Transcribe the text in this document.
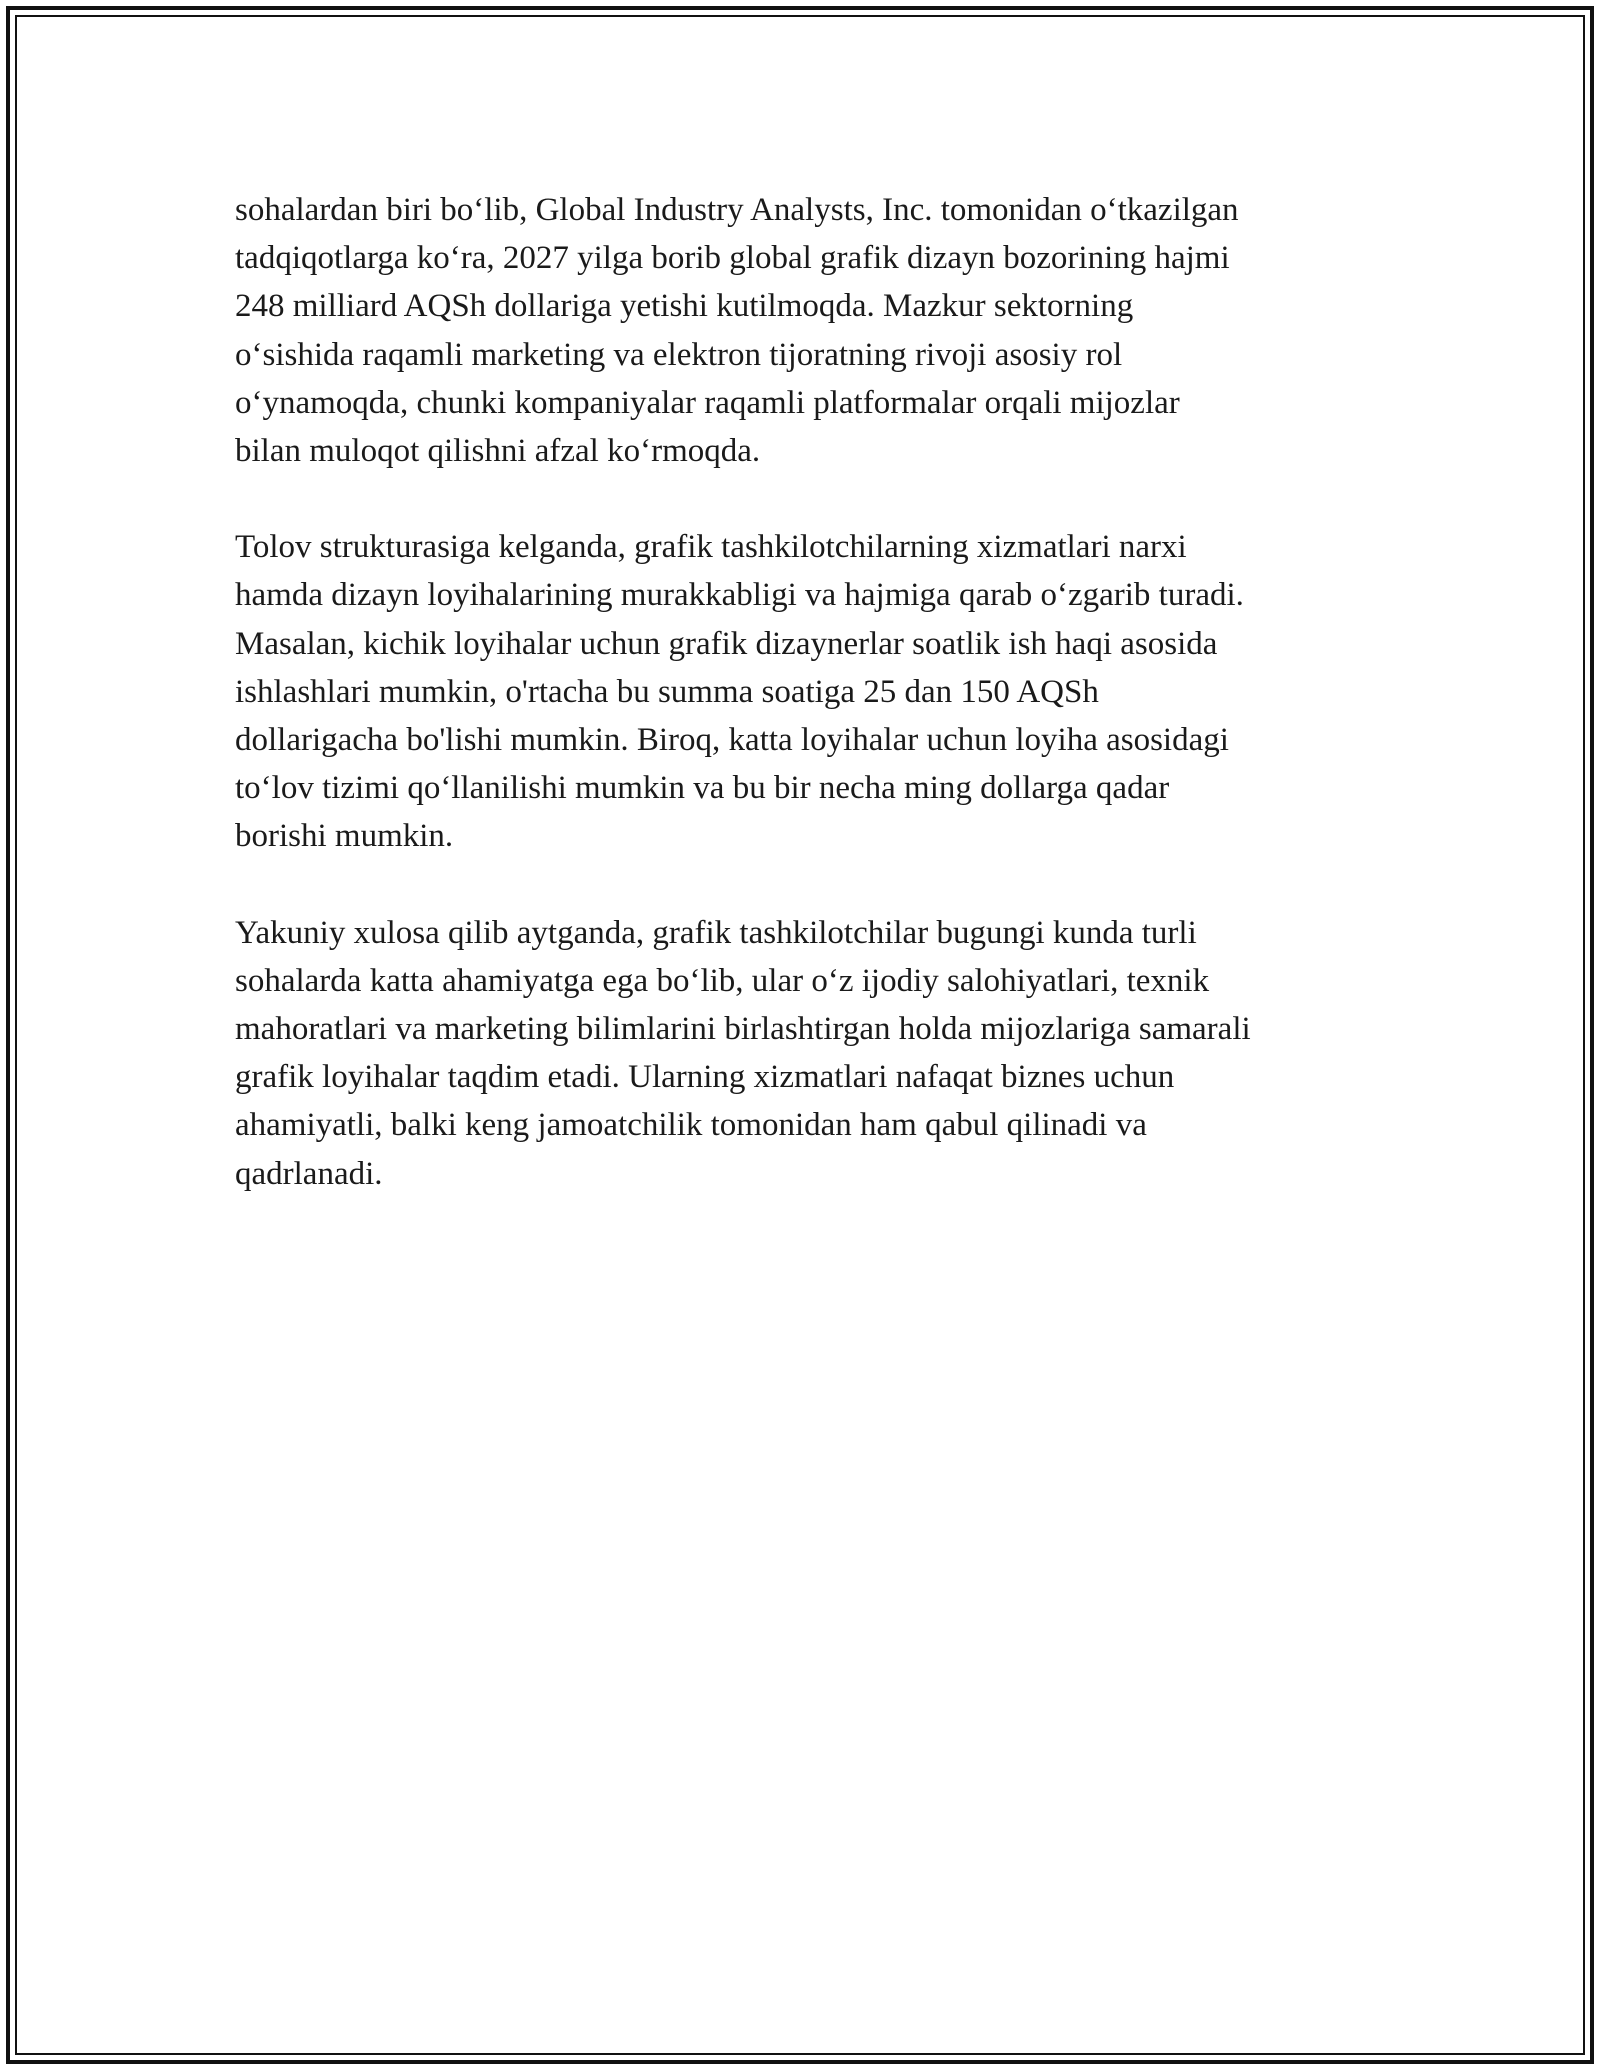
sohalardan biri bo‘lib, Global Industry Analysts, Inc. tomonidan o‘tkazilgan
tadqiqotlarga ko‘ra, 2027 yilga borib global grafik dizayn bozorining hajmi
248 milliard AQSh dollariga yetishi kutilmoqda. Mazkur sektorning
o‘sishida raqamli marketing va elektron tijoratning rivoji asosiy rol
o‘ynamoqda, chunki kompaniyalar raqamli platformalar orqali mijozlar
bilan muloqot qilishni afzal ko‘rmoqda.

Tolov strukturasiga kelganda, grafik tashkilotchilarning xizmatlari narxi
hamda dizayn loyihalarining murakkabligi va hajmiga qarab o‘zgarib turadi.
Masalan, kichik loyihalar uchun grafik dizaynerlar soatlik ish haqi asosida
ishlashlari mumkin, o'rtacha bu summa soatiga 25 dan 150 AQSh
dollarigacha bo'lishi mumkin. Biroq, katta loyihalar uchun loyiha asosidagi
to‘lov tizimi qo‘llanilishi mumkin va bu bir necha ming dollarga qadar
borishi mumkin.

Yakuniy xulosa qilib aytganda, grafik tashkilotchilar bugungi kunda turli
sohalarda katta ahamiyatga ega bo‘lib, ular o‘z ijodiy salohiyatlari, texnik
mahoratlari va marketing bilimlarini birlashtirgan holda mijozlariga samarali
grafik loyihalar taqdim etadi. Ularning xizmatlari nafaqat biznes uchun
ahamiyatli, balki keng jamoatchilik tomonidan ham qabul qilinadi va
qadrlanadi.
